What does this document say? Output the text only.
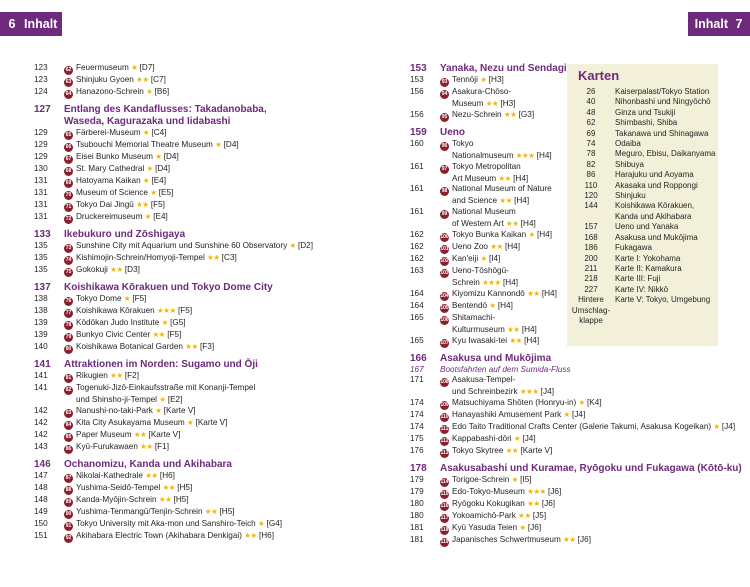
6 Inhalt	Inhalt 7
123	62 Feuermuseum ★ [D7]
123	63 Shinjuku Gyoen ★★ [C7]
124	64 Hanazono-Schrein ★ [B6]
127	Entlang des Kandaflusses: Takadanobaba,
Waseda, Kagurazaka und Iidabashi
129	65 Färberei-Museum ★ [C4]
129	66 Tsubouchi Memorial Theatre Museum ★ [D4]
129	67 Eisei Bunko Museum ★ [D4]
130	68 St. Mary Cathedral ★ [D4]
131	69 Hatoyama Kaikan ★ [E4]
131	70 Museum of Science ★ [E5]
131	71 Tokyo Dai Jingū ★★ [F5]
131	72 Druckereimuseum ★ [E4]
133	Ikebukuro und Zōshigaya
135	73 Sunshine City mit Aquarium und Sunshine 60 Observatory ★ [D2]
135	74 Kishimojin-Schrein/Homyoji-Tempel ★★ [C3]
135	75 Gokokuji ★★ [D3]
137	Koishikawa Kōrakuen und Tokyo Dome City
138	76 Tokyo Dome ★ [F5]
138	77 Koishikawa Kōrakuen ★★★ [F5]
139	78 Kōdōkan Judo Institute ★ [G5]
139	79 Bunkyo Civic Center ★★ [F5]
140	80 Koishikawa Botanical Garden ★★ [F3]
141	Attraktionen im Norden: Sugamo und Ōji
141	81 Rikugien ★★ [F2]
141	82 Togenuki-Jizō-Einkaufsstraße mit Konanji-Tempel
und Shinsho-ji-Tempel ★ [E2]
142	83 Nanushi-no-taki-Park ★ [Karte V]
142	84 Kita City Asukayama Museum ★ [Karte V]
142	85 Paper Museum ★★ [Karte V]
143	86 Kyū-Furukawaen ★★ [F1]
146	Ochanomizu, Kanda und Akihabara
147	87 Nikolai-Kathedrale ★★ [H6]
148	88 Yushima-Seidō-Tempel ★★ [H5]
148	89 Kanda-Myōjin-Schrein ★★ [H5]
149	90 Yushima-Tenmangū/Tenjin-Schrein ★★ [H5]
150	91 Tokyo University mit Aka-mon und Sanshiro-Teich ★ [G4]
151	92 Akihabara Electric Town (Akihabara Denkigai) ★★ [H6]
153	Yanaka, Nezu und Sendagi
153	93 Tennōji ★ [H3]
156	94 Asakura-Chōso-
Museum ★★ [H3]
156	95 Nezu-Schrein ★★ [G3]
159	Ueno
160	96 Tokyo
Nationalmuseum ★★★ [H4]
161	97 Tokyo Metropolitan
Art Museum ★★ [H4]
161	98 National Museum of Nature
and Science ★★ [H4]
161	99 National Museum
of Western Art ★★ [H4]
162	100 Tokyo Bunka Kaikan ★ [H4]
162	101 Ueno Zoo ★★ [H4]
162	102 Kan'eiji ★ [I4]
163	103 Ueno-Tōshōgū-
Schrein ★★★ [H4]
164	104 Kiyomizu Kannondō ★★ [H4]
164	105 Bentendō ★ [H4]
165	106 Shitamachi-
Kulturmuseum ★★ [H4]
165	107 Kyu Iwasaki-tei ★★ [H4]
166	Asakusa und Mukōjima
167	Bootsfahrten auf dem Sumida-Fluss
171	108 Asakusa-Tempel-
und Schreinbezirk ★★★ [J4]
174	109 Matsuchiyama Shōten (Honryu-in) ★ [K4]
174	110 Hanayashiki Amusement Park ★ [J4]
174	111 Edo Taito Traditional Crafts Center (Galerie Takumi, Asakusa Kogeikan) ★ [J4]
175	112 Kappabashi-dōri ★ [J4]
176	113 Tokyo Skytree ★★ [Karte V]
178	Asakusabashi und Kuramae, Ryōgoku und Fukagawa (Kōtō-ku)
179	114 Torigoe-Schrein ★ [I5]
179	115 Edo-Tokyo-Museum ★★★ [J6]
180	116 Ryōgoku Kokugikan ★★ [J6]
180	117 Yokoamichō-Park ★★ [J5]
181	118 Kyū Yasuda Teien ★ [J6]
181	119 Japanisches Schwertmuseum ★★ [J6]
Karten
26	Kaiserpalast/Tokyo Station
40	Nihonbashi und Ningyōchō
48	Ginza und Tsukiji
62	Shimbashi, Shiba
69	Takanawa und Shinagawa
74	Odaiba
78	Meguro, Ebisu, Daikanyama
82	Shibuya
86	Harajuku und Aoyama
110	Akasaka und Roppongi
120	Shinjuku
144	Koishikawa Kōrakuen,
Kanda und Akihabara
157	Ueno und Yanaka
168	Asakusa und Mukōjima
186	Fukagawa
200	Karte I: Yokohama
211	Karte II: Kamakura
218	Karte III: Fuji
227	Karte IV: Nikkō
Hintere	Karte V: Tokyo, Umgebung
Umschlag-
klappe
